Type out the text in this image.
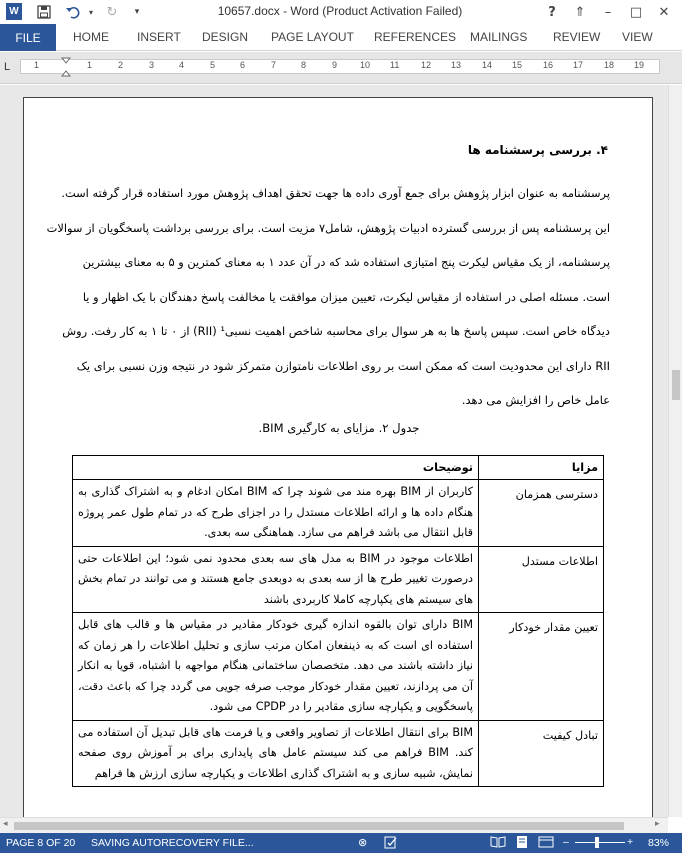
W	▾ ↻	▾	10657.docx - Word (Product Activation Failed)	? ⇑	–	□ ✕
FILE	HOME INSERT DESIGN PAGE LAYOUT REFERENCES MAILINGS REVIEW VIEW
L	1	1	2	3	4	5	6	7	8	9	10 11 12 13 14 15 16 17 18 19
۴. بررسی پرسشنامه ها
پرسشنامه به عنوان ابزار پژوهش برای جمع آوری داده ها جهت تحقق اهداف پژوهش مورد استفاده قرار گرفته است.
این پرسشنامه پس از بررسی گسترده ادبیات پژوهش، شامل۷ مزیت است. برای بررسی برداشت پاسخگویان از سوالات
پرسشنامه، از یک مقیاس لیکرت پنج امتیازی استفاده شد که در آن عدد ۱ به معنای کمترین و ۵ به معنای بیشترین
است. مسئله اصلی در استفاده از مقیاس لیکرت، تعیین میزان موافقت یا مخالفت پاسخ دهندگان با یک اظهار و یا
دیدگاه خاص است. سپس پاسخ ها به هر سوال برای محاسبه شاخص اهمیت نسبی¹ (RII) از ۰ تا ۱ به کار رفت. روش
RII دارای این محدودیت است که ممکن است بر روی اطلاعات نامتوازن متمرکز شود در نتیجه وزن نسبی برای یک
عامل خاص را افزایش می دهد.
جدول ۲. مزایای به کارگیری BIM.
مزایا	توضیحات
دسترسی همزمان	کاربران از BIM بهره مند می شوند چرا که BIM امکان ادغام و به اشتراک گذاری به هنگام داده ها و ارائه اطلاعات مستدل را در اجزای طرح که در تمام طول عمر پروژه قابل انتقال می باشد فراهم می سازد. هماهنگی سه بعدی.
اطلاعات مستدل	اطلاعات موجود در BIM به مدل های سه بعدی محدود نمی شود؛ این اطلاعات حتی درصورت تغییر طرح ها از سه بعدی به دوبعدی جامع هستند و می توانند در تمام بخش های سیستم های یکپارچه کاملا کاربردی باشند
تعیین مقدار خودکار	BIM دارای توان بالقوه اندازه گیری خودکار مقادیر در مقیاس ها و قالب های قابل استفاده ای است که به ذینفعان امکان مرتب سازی و تحلیل اطلاعات را هر زمان که نیاز داشته باشند می دهد. متخصصان ساختمانی هنگام مواجهه با اشتباه، قویا به انکار آن می پردازند، تعیین مقدار خودکار موجب صرفه جویی می گردد چرا که باعث دقت، پاسخگویی و یکپارچه سازی مقادیر را در CPDP می شود.
تبادل کیفیت	BIM برای انتقال اطلاعات از تصاویر واقعی و یا فرمت های قابل تبدیل آن استفاده می کند. BIM فراهم می کند سیستم عامل های پایداری برای بر آموزش روی صفحه نمایش، شبیه سازی و به اشتراک گذاری اطلاعات و یکپارچه سازی ارزش ها فراهم
◂	▸
PAGE 8 OF 20 SAVING AUTORECOVERY FILE...	⊗	–	+ 83%
